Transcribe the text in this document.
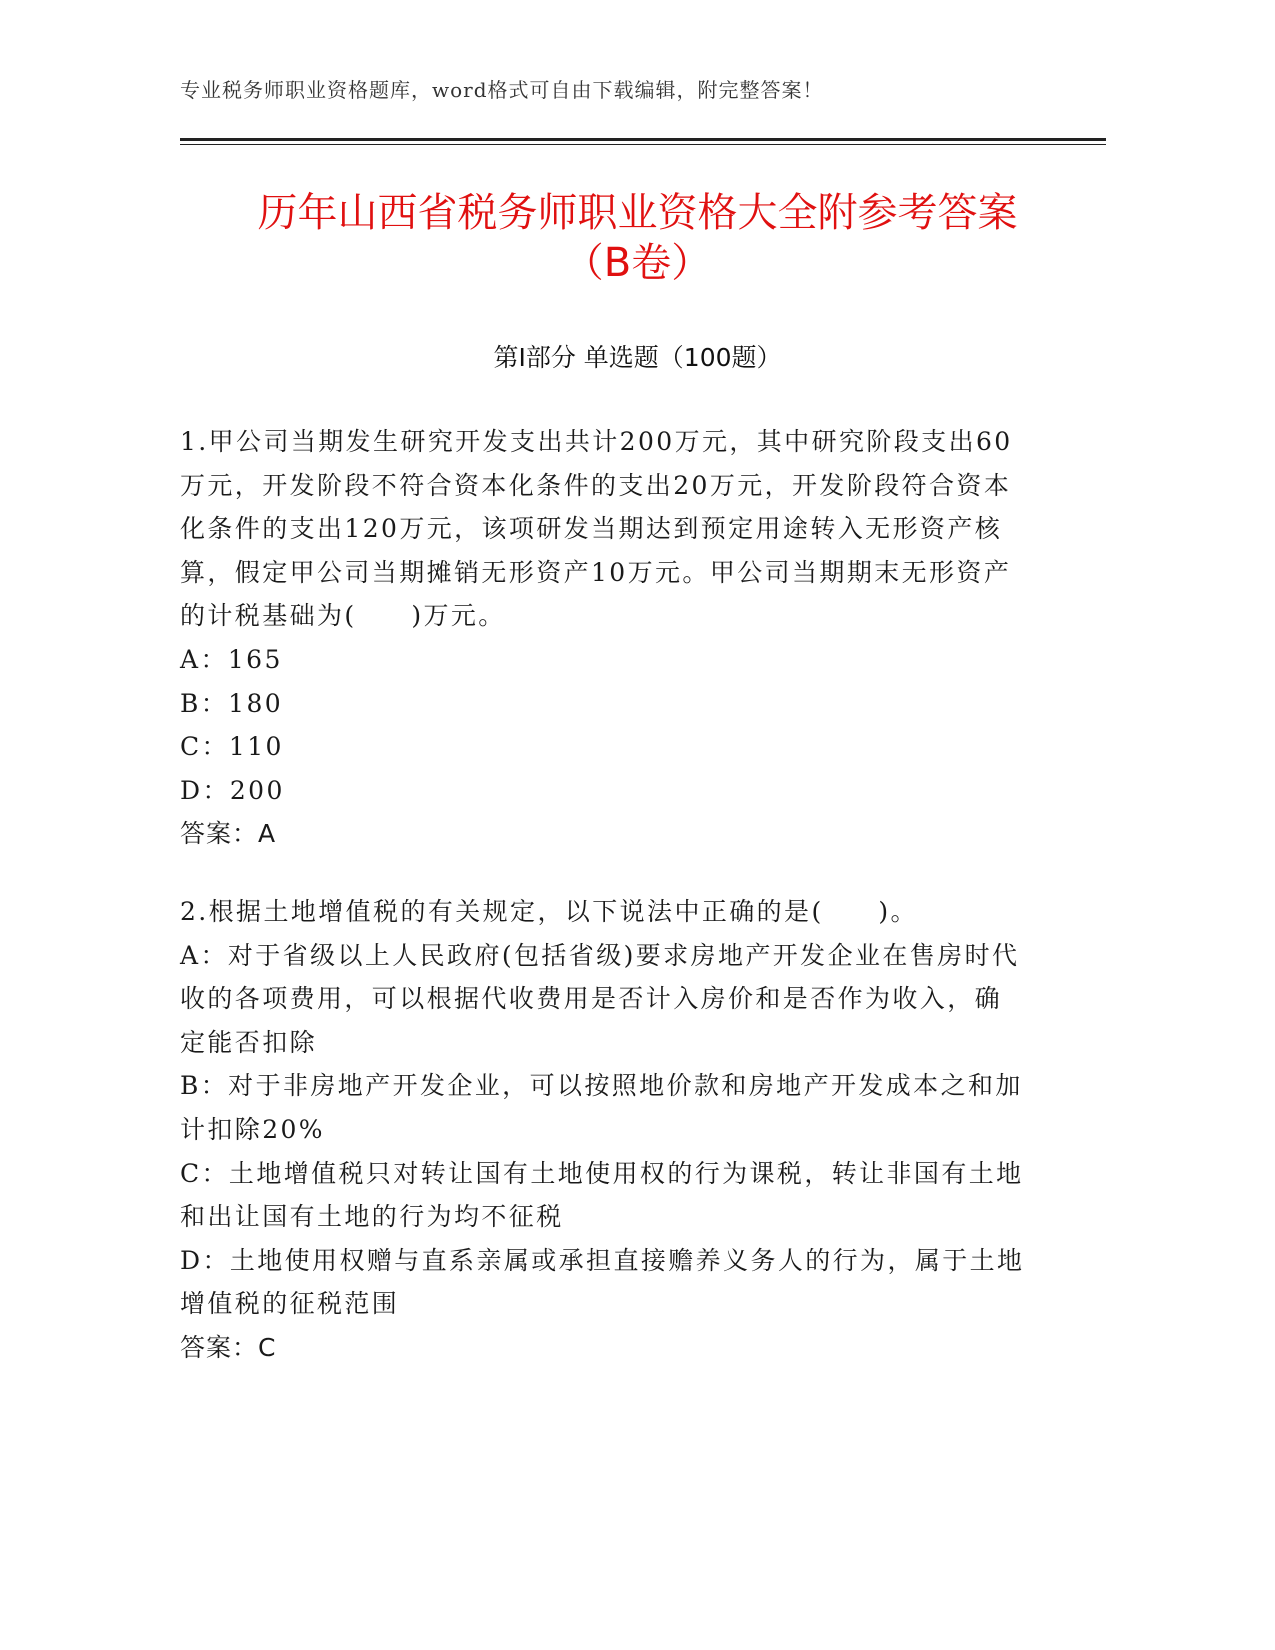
专业税务师职业资格题库，word格式可自由下载编辑，附完整答案！
历年山西省税务师职业资格大全附参考答案
（B卷）
第Ⅰ部分 单选题（100题）
1.甲公司当期发生研究开发支出共计200万元，其中研究阶段支出60万元，开发阶段不符合资本化条件的支出20万元，开发阶段符合资本化条件的支出120万元，该项研发当期达到预定用途转入无形资产核算，假定甲公司当期摊销无形资产10万元。甲公司当期期末无形资产的计税基础为(　　)万元。
A：165
B：180
C：110
D：200
答案：A
2.根据土地增值税的有关规定，以下说法中正确的是(　　)。
A：对于省级以上人民政府(包括省级)要求房地产开发企业在售房时代收的各项费用，可以根据代收费用是否计入房价和是否作为收入，确定能否扣除
B：对于非房地产开发企业，可以按照地价款和房地产开发成本之和加计扣除20%
C：土地增值税只对转让国有土地使用权的行为课税，转让非国有土地和出让国有土地的行为均不征税
D：土地使用权赠与直系亲属或承担直接赡养义务人的行为，属于土地增值税的征税范围
答案：C
